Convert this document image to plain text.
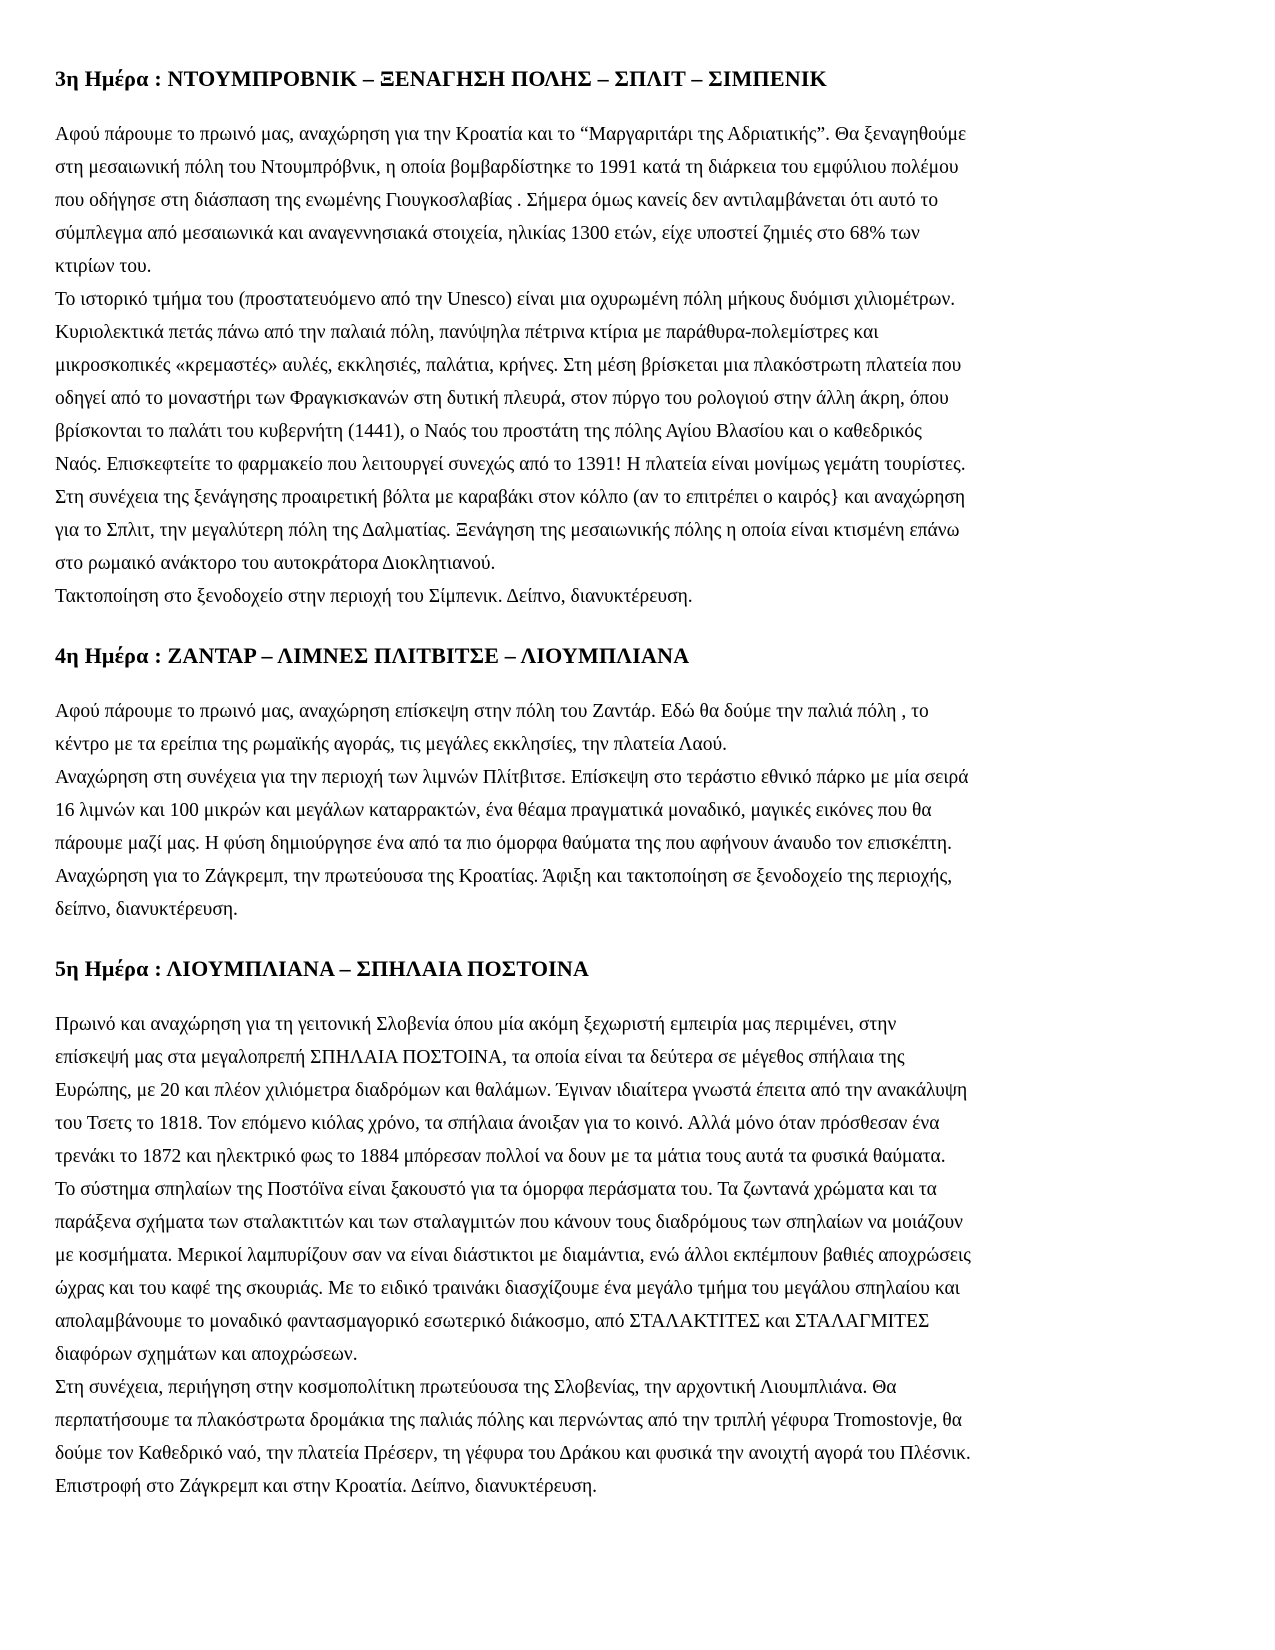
3η Ημέρα : ΝΤΟΥΜΠΡΟΒΝΙΚ – ΞΕΝΑΓΗΣΗ ΠΟΛΗΣ – ΣΠΛΙΤ – ΣΙΜΠΕΝΙΚ
Αφού πάρουμε το πρωινό μας, αναχώρηση για την Κροατία και το “Μαργαριτάρι της Αδριατικής”. Θα ξεναγηθούμε
στη μεσαιωνική πόλη του Ντουμπρόβνικ, η οποία βομβαρδίστηκε το 1991 κατά τη διάρκεια του εμφύλιου πολέμου
που οδήγησε στη διάσπαση της ενωμένης Γιουγκοσλαβίας . Σήμερα όμως κανείς δεν αντιλαμβάνεται ότι αυτό το
σύμπλεγμα από μεσαιωνικά και αναγεννησιακά στοιχεία, ηλικίας 1300 ετών, είχε υποστεί ζημιές στο 68% των
κτιρίων του.
Το ιστορικό τμήμα του (προστατευόμενο από την Unesco) είναι μια οχυρωμένη πόλη μήκους δυόμισι χιλιομέτρων.
Κυριολεκτικά πετάς πάνω από την παλαιά πόλη, πανύψηλα πέτρινα κτίρια με παράθυρα-πολεμίστρες και
μικροσκοπικές «κρεμαστές» αυλές, εκκλησιές, παλάτια, κρήνες. Στη μέση βρίσκεται μια πλακόστρωτη πλατεία που
οδηγεί από το μοναστήρι των Φραγκισκανών στη δυτική πλευρά, στον πύργο του ρολογιού στην άλλη άκρη, όπου
βρίσκονται το παλάτι του κυβερνήτη (1441), ο Ναός του προστάτη της πόλης Αγίου Βλασίου και ο καθεδρικός
Ναός. Επισκεφτείτε το φαρμακείο που λειτουργεί συνεχώς από το 1391! Η πλατεία είναι μονίμως γεμάτη τουρίστες.
Στη συνέχεια της ξενάγησης προαιρετική βόλτα με καραβάκι στον κόλπο (αν το επιτρέπει ο καιρός} και αναχώρηση
για το Σπλιτ, την μεγαλύτερη πόλη της Δαλματίας. Ξενάγηση της μεσαιωνικής πόλης η οποία είναι κτισμένη επάνω
στο ρωμαικό ανάκτορο του αυτοκράτορα Διοκλητιανού.
Τακτοποίηση στο ξενοδοχείο στην περιοχή του Σίμπενικ. Δείπνο, διανυκτέρευση.
4η Ημέρα : ΖΑΝΤΑΡ – ΛΙΜΝΕΣ ΠΛΙΤΒΙΤΣΕ – ΛΙΟΥΜΠΛΙΑΝΑ
Αφού πάρουμε το πρωινό μας, αναχώρηση επίσκεψη στην πόλη του Ζαντάρ. Εδώ θα δούμε την παλιά πόλη , το
κέντρο με τα ερείπια της ρωμαϊκής αγοράς, τις μεγάλες εκκλησίες, την πλατεία Λαού.
Αναχώρηση στη συνέχεια για την περιοχή των λιμνών Πλίτβιτσε. Επίσκεψη στο τεράστιο εθνικό πάρκο με μία σειρά
16 λιμνών και 100 μικρών και μεγάλων καταρρακτών, ένα θέαμα πραγματικά μοναδικό, μαγικές εικόνες που θα
πάρουμε μαζί μας. Η φύση δημιούργησε ένα από τα πιο όμορφα θαύματα της που αφήνουν άναυδο τον επισκέπτη.
Αναχώρηση για το Ζάγκρεμπ, την πρωτεύουσα της Κροατίας. Άφιξη και τακτοποίηση σε ξενοδοχείο της περιοχής,
δείπνο, διανυκτέρευση.
5η Ημέρα : ΛΙΟΥΜΠΛΙΑΝΑ – ΣΠΗΛΑΙΑ ΠΟΣΤΟΙΝΑ
Πρωινό και αναχώρηση για τη γειτονική Σλοβενία όπου μία ακόμη ξεχωριστή εμπειρία μας περιμένει, στην
επίσκεψή μας στα μεγαλοπρεπή ΣΠΗΛΑΙΑ ΠΟΣΤΟΙΝΑ, τα οποία είναι τα δεύτερα σε μέγεθος σπήλαια της
Ευρώπης, με 20 και πλέον χιλιόμετρα διαδρόμων και θαλάμων. Έγιναν ιδιαίτερα γνωστά έπειτα από την ανακάλυψη
του Τσετς το 1818. Τον επόμενο κιόλας χρόνο, τα σπήλαια άνοιξαν για το κοινό. Αλλά μόνο όταν πρόσθεσαν ένα
τρενάκι το 1872 και ηλεκτρικό φως το 1884 μπόρεσαν πολλοί να δουν με τα μάτια τους αυτά τα φυσικά θαύματα.
Το σύστημα σπηλαίων της Ποστόϊνα είναι ξακουστό για τα όμορφα περάσματα του. Τα ζωντανά χρώματα και τα
παράξενα σχήματα των σταλακτιτών και των σταλαγμιτών που κάνουν τους διαδρόμους των σπηλαίων να μοιάζουν
με κοσμήματα. Μερικοί λαμπυρίζουν σαν να είναι διάστικτοι με διαμάντια, ενώ άλλοι εκπέμπουν βαθιές αποχρώσεις
ώχρας και του καφέ της σκουριάς. Με το ειδικό τραινάκι διασχίζουμε ένα μεγάλο τμήμα του μεγάλου σπηλαίου και
απολαμβάνουμε το μοναδικό φαντασμαγορικό εσωτερικό διάκοσμο, από ΣΤΑΛΑΚΤΙΤΕΣ και ΣΤΑΛΑΓΜΙΤΕΣ
διαφόρων σχημάτων και αποχρώσεων.
Στη συνέχεια, περιήγηση στην κοσμοπολίτικη πρωτεύουσα της Σλοβενίας, την αρχοντική Λιουμπλιάνα. Θα
περπατήσουμε τα πλακόστρωτα δρομάκια της παλιάς πόλης και περνώντας από την τριπλή γέφυρα Tromostovje, θα
δούμε τον Καθεδρικό ναό, την πλατεία Πρέσερν, τη γέφυρα του Δράκου και φυσικά την ανοιχτή αγορά του Πλέσνικ.
Επιστροφή στο Ζάγκρεμπ και στην Κροατία. Δείπνο, διανυκτέρευση.
